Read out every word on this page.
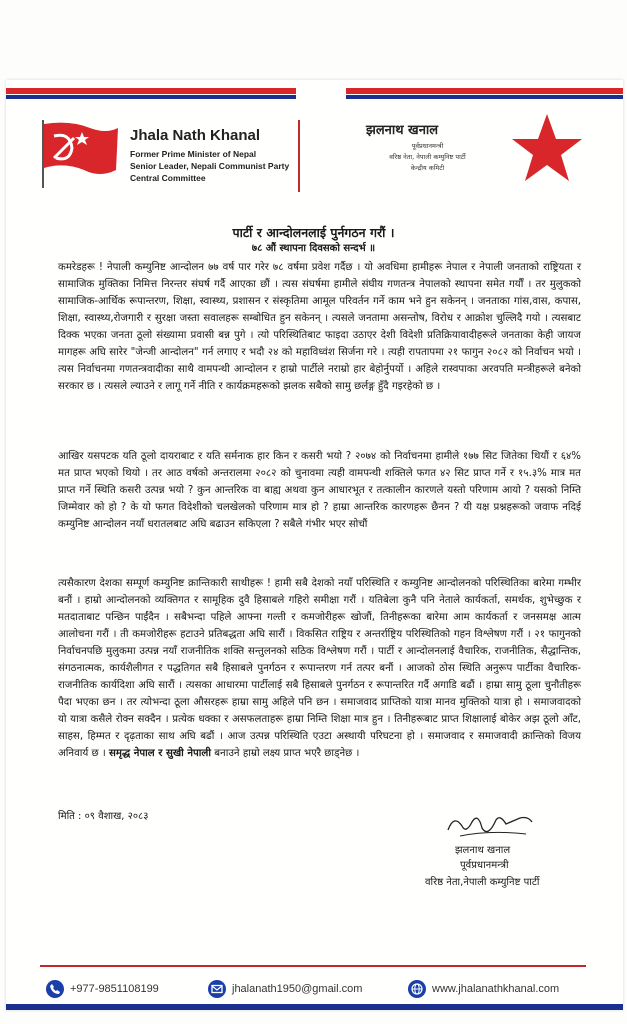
Jhala Nath Khanal
Former Prime Minister of Nepal
Senior Leader, Nepali Communist Party
Central Committee
झलनाथ खनाल
पूर्वप्रधानमन्त्री
वरिष्ठ नेता, नेपाली कम्युनिष्ट पार्टी
केन्द्रीय कमिटी
पार्टी र आन्दोलनलाई पुर्नगठन गरौं ।
७८ औं स्थापना दिवसको सन्दर्भ ॥
कमरेडहरू ! नेपाली कम्युनिष्ट आन्दोलन ७७ वर्ष पार गरेर ७८ वर्षमा प्रवेश गर्दैछ । यो अवधिमा हामीहरू नेपाल र नेपाली जनताको राष्ट्रियता र सामाजिक मुक्तिका निमित्त निरन्तर संघर्ष गर्दै आएका छौं । त्यस संघर्षमा हामीले संघीय गणतन्त्र नेपालको स्थापना समेत गर्यौं । तर मुलुकको सामाजिक-आर्थिक रूपान्तरण, शिक्षा, स्वास्थ्य, प्रशासन र संस्कृतिमा आमूल परिवर्तन गर्ने काम भने हुन सकेनन् । जनताका गांस,वास, कपास, शिक्षा, स्वास्थ्य,रोजगारी र सुरक्षा जस्ता सवालहरू सम्बोधित हुन सकेनन् । त्यसले जनतामा असन्तोष, विरोध र आक्रोश चुल्लिदै गयो । त्यसबाट दिक्क भएका जनता ठूलो संख्यामा प्रवासी बन्न पुगे । त्यो परिस्थितिबाट फाइदा उठाएर देशी विदेशी प्रतिक्रियावादीहरूले जनताका केही जायज मागहरू अघि सारेर "जेन्जी आन्दोलन" गर्न लगाए र भदौ २४ को महाविध्वंश सिर्जना गरे । त्यही रापतापमा २१ फागुन २०८२ को निर्वाचन भयो । त्यस निर्वाचनमा गणतन्त्रवादीका साथै वामपन्थी आन्दोलन र हाम्रो पार्टीले नराम्रो हार बेहोर्नुपर्यो । अहिले रास्वपाका अरवपति मन्त्रीहरूले बनेको सरकार छ । त्यसले ल्याउने र लागू गर्ने नीति र कार्यक्रमहरूको झलक सबैको सामु छर्लङ्ग हुँदै गइरहेको छ ।
आखिर यसपटक यति ठूलो दायराबाट र यति सर्मनाक हार किन र कसरी भयो ? २०७४ को निर्वाचनमा हामीले १७७ सिट जितेका थियौं र ६४% मत प्राप्त भएको थियो । तर आठ वर्षको अन्तरालमा २०८२ को चुनावमा त्यही वामपन्थी शक्तिले फगत ४२ सिट प्राप्त गर्ने र १५.३% मात्र मत प्राप्त गर्ने स्थिति कसरी उत्पन्न भयो ? कुन आन्तरिक वा बाह्य अथवा कुन आधारभूत र तत्कालीन कारणले यस्तो परिणाम आयो ? यसको निम्ति जिम्मेवार को हो ? के यो फगत विदेशीको चलखेलको परिणाम मात्र हो ? हाम्रा आन्तरिक कारणहरू छैनन ? यी यक्ष प्रश्नहरूको जवाफ नदिई कम्युनिष्ट आन्दोलन नयाँ धरातलबाट अघि बढाउन सकिएला ? सबैले गंभीर भएर सोचौं
त्यसैकारण देशका सम्पूर्ण कम्युनिष्ट क्रान्तिकारी साथीहरू ! हामी सबै देशको नयाँ परिस्थिति र कम्युनिष्ट आन्दोलनको परिस्थितिका बारेमा गम्भीर बनौं । हाम्रो आन्दोलनको व्यक्तिगत र सामूहिक दुवै हिसाबले गहिरो समीक्षा गरौं । यतिबेला कुनै पनि नेताले कार्यकर्ता, समर्थक, शुभेच्छुक र मतदाताबाट पन्छिन पाईंदैन । सबैभन्दा पहिले आफ्ना गल्ती र कमजोरीहरू खोजौं, तिनीहरूका बारेमा आम कार्यकर्ता र जनसमक्ष आत्म आलोचना गरौं । ती कमजोरीहरू हटाउने प्रतिबद्धता अघि सारौं । विकसित राष्ट्रिय र अन्तर्राष्ट्रिय परिस्थितिको गहन विश्लेषण गरौं । २१ फागुनको निर्वाचनपछि मुलुकमा उत्पन्न नयाँ राजनीतिक शक्ति सन्तुलनको सठिक विश्लेषण गरौं । पार्टी र आन्दोलनलाई वैचारिक, राजनीतिक, सैद्धान्तिक, संगठनात्मक, कार्यशैलीगत र पद्धतिगत सबै हिसाबले पुनर्गठन र रूपान्तरण गर्न तत्पर बनौं । आजको ठोस स्थिति अनुरूप पार्टीका वैचारिक-राजनीतिक कार्यदिशा अघि सारौं । त्यसका आधारमा पार्टीलाई सबै हिसाबले पुनर्गठन र रूपान्तरित गर्दै अगाडि बढौं । हाम्रा सामु ठूला चुनौतीहरू पैदा भएका छन । तर त्योभन्दा ठूला औसरहरू हाम्रा सामु अहिले पनि छन । समाजवाद प्राप्तिको यात्रा मानव मुक्तिको यात्रा हो । समाजवादको यो यात्रा कसैले रोक्न सक्दैन । प्रत्येक धक्का र असफलताहरू हाम्रा निम्ति शिक्षा मात्र हुन । तिनीहरूबाट प्राप्त शिक्षालाई बोकेर अझ ठूलो आँट, साहस, हिम्मत र दृढ़ताका साथ अघि बढौं । आज उत्पन्न परिस्थिति एउटा अस्थायी परिघटना हो । समाजवाद र समाजवादी क्रान्तिको विजय अनिवार्य छ । समृद्ध नेपाल र सुखी नेपाली बनाउने हाम्रो लक्ष्य प्राप्त भएरै छाड्नेछ ।
मिति : ०९ वैशाख, २०८३
झलनाथ खनाल
पूर्वप्रधानमन्त्री
वरिष्ठ नेता,नेपाली कम्युनिष्ट पार्टी
+977-9851108199	jhalanath1950@gmail.com	www.jhalanathkhanal.com
